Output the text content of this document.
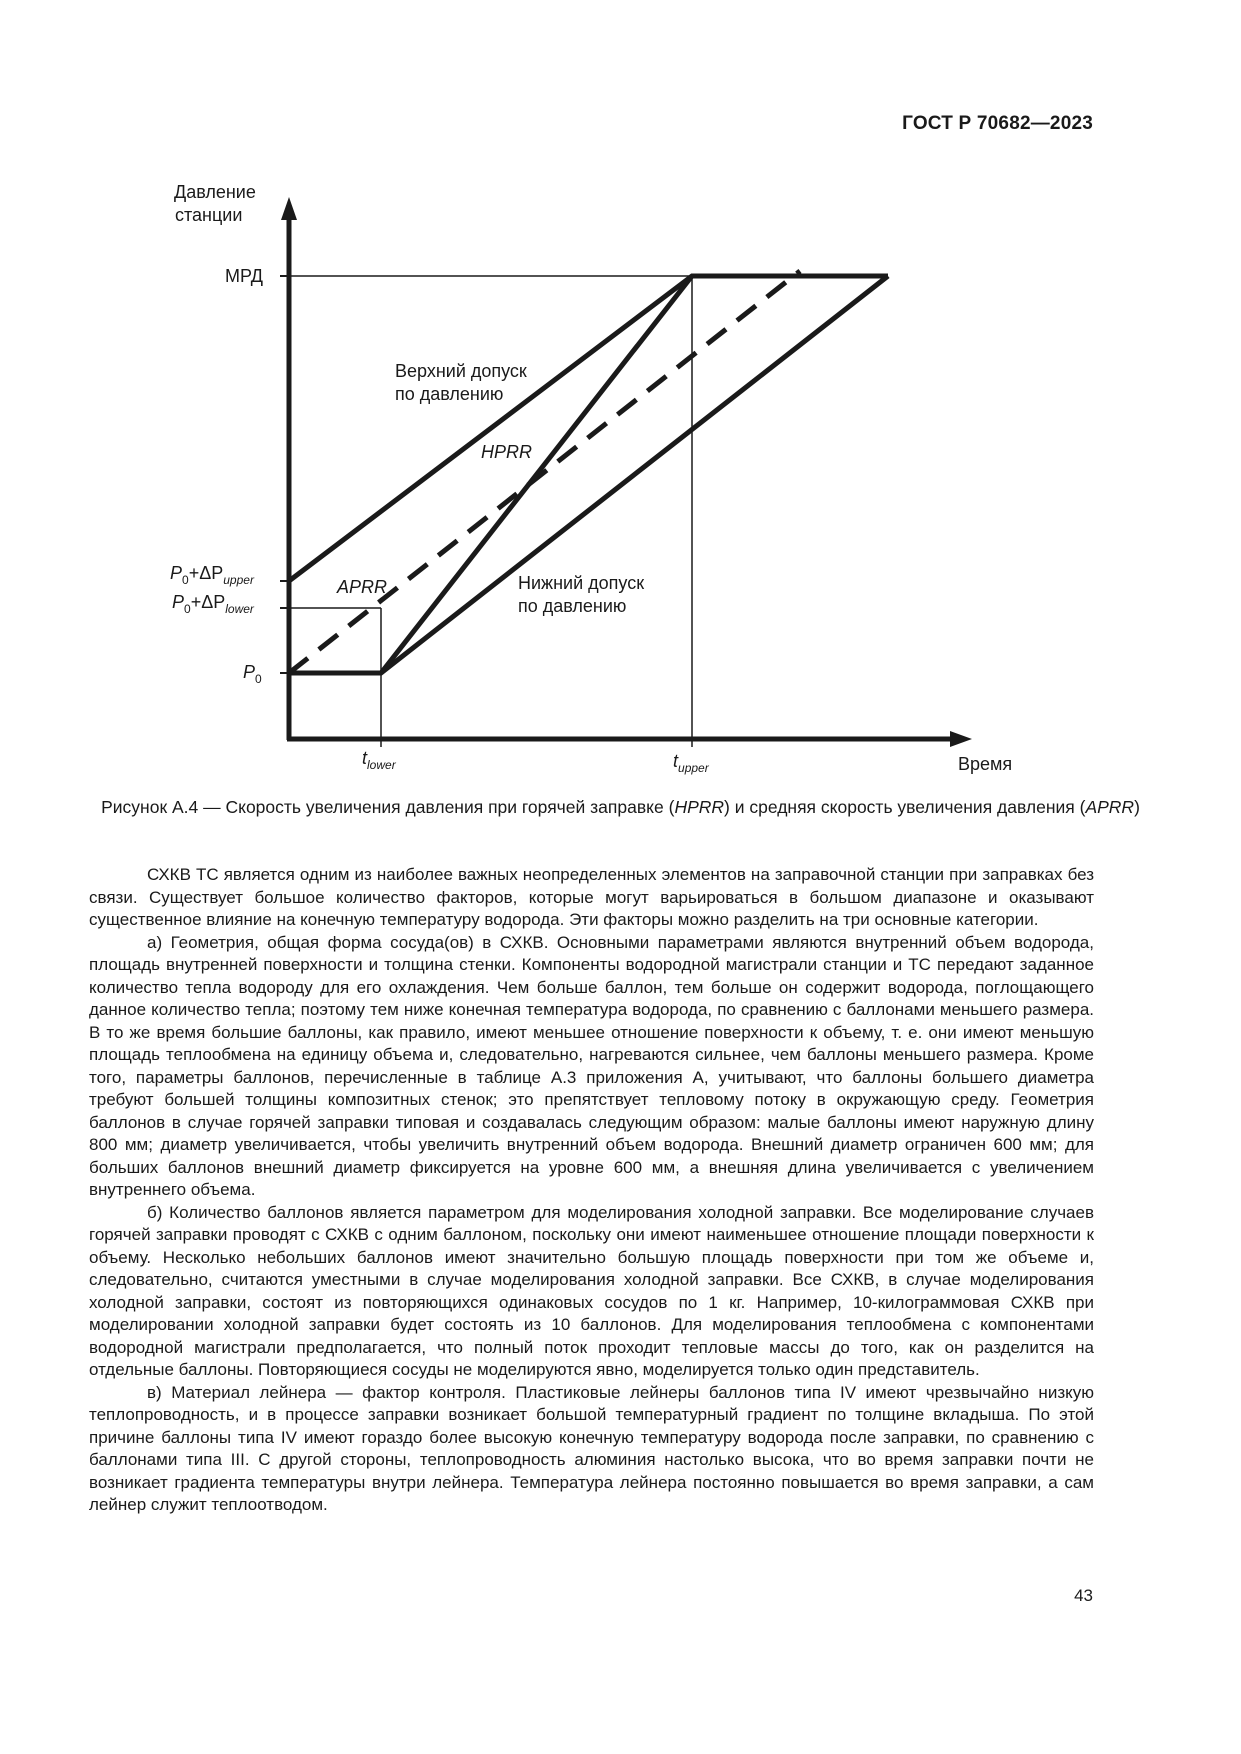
ГОСТ Р 70682—2023
Давление
станции
МРД
Верхний допуск
по давлению
HPRR
APRR	Нижний допуск
по давлению
$P_0+\Delta P_{upper}$
$P_0+\Delta P_{lower}$
$P_0$
$t_{lower}$	$t_{upper}$	Время
Рисунок А.4 — Скорость увеличения давления при горячей заправке (HPRR) и средняя скорость увеличения давления (APRR)

СХКВ ТС является одним из наиболее важных неопределенных элементов на заправочной станции при заправках без связи. Существует большое количество факторов, которые могут варьироваться в большом диапазоне и оказывают существенное влияние на конечную температуру водорода. Эти факторы можно разделить на три основные категории.

а) Геометрия, общая форма сосуда(ов) в СХКВ. Основными параметрами являются внутренний объем водорода, площадь внутренней поверхности и толщина стенки. Компоненты водородной магистрали станции и ТС передают заданное количество тепла водороду для его охлаждения. Чем больше баллон, тем больше он содержит водорода, поглощающего данное количество тепла; поэтому тем ниже конечная температура водорода, по сравнению с баллонами меньшего размера. В то же время большие баллоны, как правило, имеют меньшее отношение поверхности к объему, т. е. они имеют меньшую площадь теплообмена на единицу объема и, следовательно, нагреваются сильнее, чем баллоны меньшего размера. Кроме того, параметры баллонов, перечисленные в таблице А.3 приложения А, учитывают, что баллоны большего диаметра требуют большей толщины композитных стенок; это препятствует тепловому потоку в окружающую среду. Геометрия баллонов в случае горячей заправки типовая и создавалась следующим образом: малые баллоны имеют наружную длину 800 мм; диаметр увеличивается, чтобы увеличить внутренний объем водорода. Внешний диаметр ограничен 600 мм; для больших баллонов внешний диаметр фиксируется на уровне 600 мм, а внешняя длина увеличивается с увеличением внутреннего объема.

б) Количество баллонов является параметром для моделирования холодной заправки. Все моделирование случаев горячей заправки проводят с СХКВ с одним баллоном, поскольку они имеют наименьшее отношение площади поверхности к объему. Несколько небольших баллонов имеют значительно большую площадь поверхности при том же объеме и, следовательно, считаются уместными в случае моделирования холодной заправки. Все СХКВ, в случае моделирования холодной заправки, состоят из повторяющихся одинаковых сосудов по 1 кг. Например, 10-килограммовая СХКВ при моделировании холодной заправки будет состоять из 10 баллонов. Для моделирования теплообмена с компонентами водородной магистрали предполагается, что полный поток проходит тепловые массы до того, как он разделится на отдельные баллоны. Повторяющиеся сосуды не моделируются явно, моделируется только один представитель.

в) Материал лейнера — фактор контроля. Пластиковые лейнеры баллонов типа IV имеют чрезвычайно низкую теплопроводность, и в процессе заправки возникает большой температурный градиент по толщине вкладыша. По этой причине баллоны типа IV имеют гораздо более высокую конечную температуру водорода после заправки, по сравнению с баллонами типа III. С другой стороны, теплопроводность алюминия настолько высока, что во время заправки почти не возникает градиента температуры внутри лейнера. Температура лейнера постоянно повышается во время заправки, а сам лейнер служит теплоотводом.

43
